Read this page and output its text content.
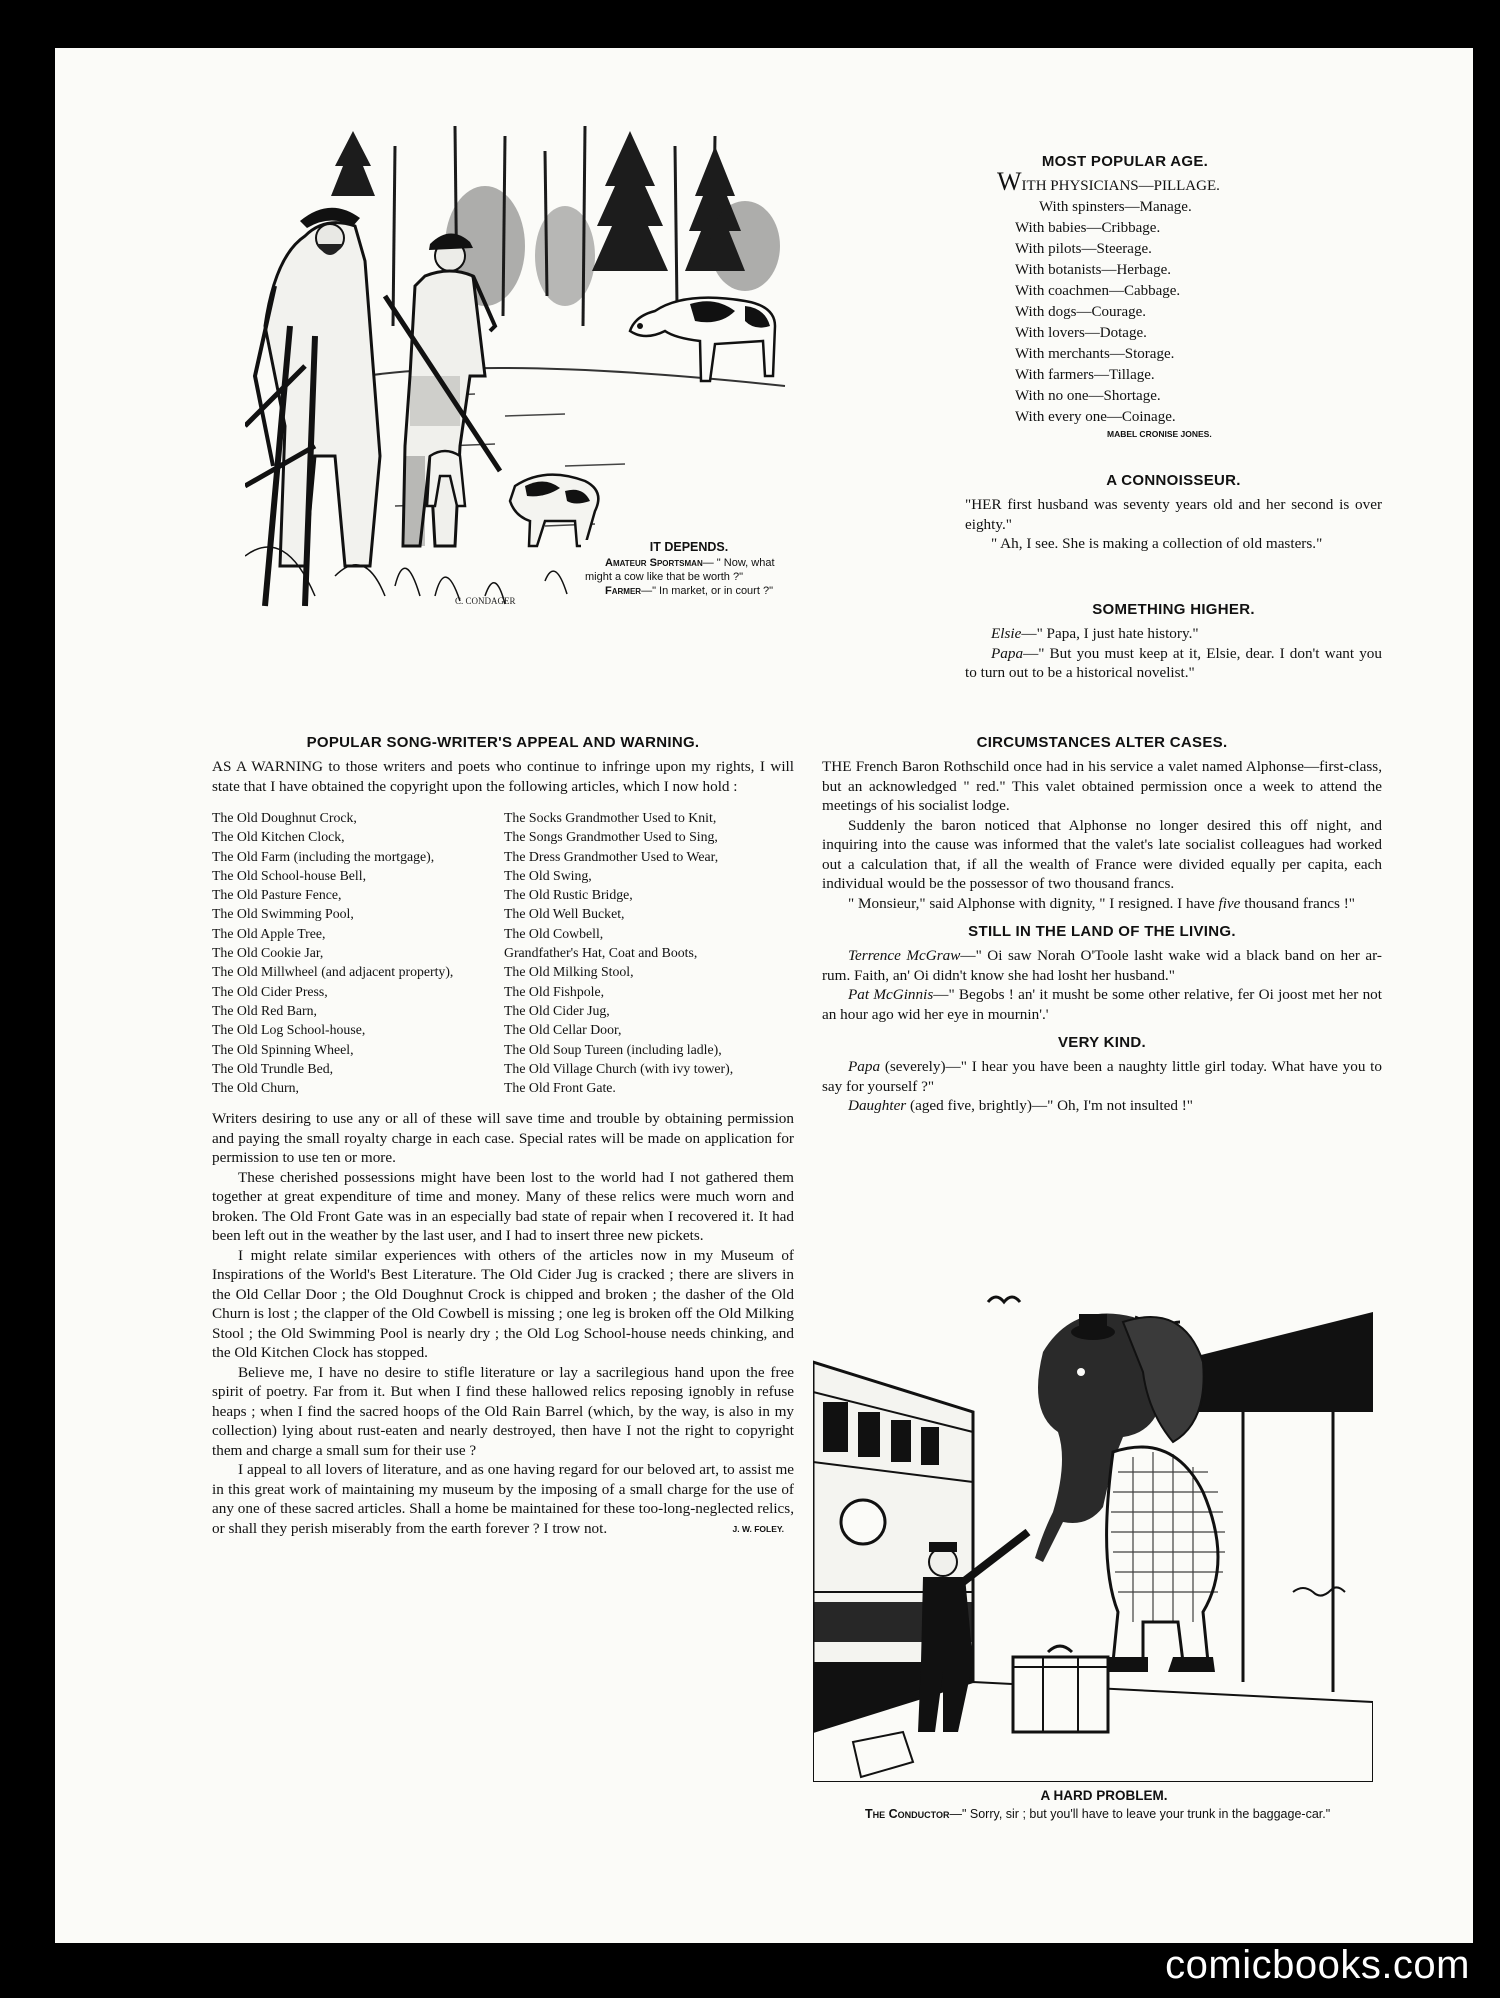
C. CONDAGER
IT DEPENDS.
Amateur Sportsman— " Now, what might a cow like that be worth ?"
Farmer—" In market, or in court ?"
MOST POPULAR AGE.
WITH PHYSICIANS—PILLAGE.
With spinsters—Manage.
With babies—Cribbage.
With pilots—Steerage.
With botanists—Herbage.
With coachmen—Cabbage.
With dogs—Courage.
With lovers—Dotage.
With merchants—Storage.
With farmers—Tillage.
With no one—Shortage.
With every one—Coinage.
MABEL CRONISE JONES.
A CONNOISSEUR.

"HER first husband was seventy years old and her second is over eighty."

" Ah, I see. She is making a collection of old masters."

SOMETHING HIGHER.

Elsie—" Papa, I just hate history."

Papa—" But you must keep at it, Elsie, dear. I don't want you to turn out to be a historical novelist."

POPULAR SONG-WRITER'S APPEAL AND WARNING.

AS A WARNING to those writers and poets who continue to infringe upon my rights, I will state that I have obtained the copyright upon the following articles, which I now hold :

The Old Doughnut Crock,
The Old Kitchen Clock,
The Old Farm (including the mortgage),
The Old School-house Bell,
The Old Pasture Fence,
The Old Swimming Pool,
The Old Apple Tree,
The Old Cookie Jar,
The Old Millwheel (and adjacent property),
The Old Cider Press,
The Old Red Barn,
The Old Log School-house,
The Old Spinning Wheel,
The Old Trundle Bed,
The Old Churn,
The Socks Grandmother Used to Knit,
The Songs Grandmother Used to Sing,
The Dress Grandmother Used to Wear,
The Old Swing,
The Old Rustic Bridge,
The Old Well Bucket,
The Old Cowbell,
Grandfather's Hat, Coat and Boots,
The Old Milking Stool,
The Old Fishpole,
The Old Cider Jug,
The Old Cellar Door,
The Old Soup Tureen (including ladle),
The Old Village Church (with ivy tower),
The Old Front Gate.

Writers desiring to use any or all of these will save time and trouble by obtaining permission and paying the small royalty charge in each case. Special rates will be made on application for permission to use ten or more.

These cherished possessions might have been lost to the world had I not gathered them together at great expenditure of time and money. Many of these relics were much worn and broken. The Old Front Gate was in an especially bad state of repair when I recovered it. It had been left out in the weather by the last user, and I had to insert three new pickets.

I might relate similar experiences with others of the articles now in my Museum of Inspirations of the World's Best Literature. The Old Cider Jug is cracked ; there are slivers in the Old Cellar Door ; the Old Doughnut Crock is chipped and broken ; the dasher of the Old Churn is lost ; the clapper of the Old Cowbell is missing ; one leg is broken off the Old Milking Stool ; the Old Swimming Pool is nearly dry ; the Old Log School-house needs chinking, and the Old Kitchen Clock has stopped.

Believe me, I have no desire to stifle literature or lay a sacrilegious hand upon the free spirit of poetry. Far from it. But when I find these hallowed relics reposing ignobly in refuse heaps ; when I find the sacred hoops of the Old Rain Barrel (which, by the way, is also in my collection) lying about rust-eaten and nearly destroyed, then have I not the right to copyright them and charge a small sum for their use ?

I appeal to all lovers of literature, and as one having regard for our beloved art, to assist me in this great work of maintaining my museum by the imposing of a small charge for the use of any one of these sacred articles. Shall a home be maintained for these too-long-neglected relics, or shall they perish miserably from the earth forever ? I trow not.	J. W. FOLEY.
CIRCUMSTANCES ALTER CASES.

THE French Baron Rothschild once had in his service a valet named Alphonse—first-class, but an acknowledged " red." This valet obtained permission once a week to attend the meetings of his socialist lodge.

Suddenly the baron noticed that Alphonse no longer desired this off night, and inquiring into the cause was informed that the valet's late socialist colleagues had worked out a calculation that, if all the wealth of France were divided equally per capita, each individual would be the possessor of two thousand francs.

" Monsieur," said Alphonse with dignity, " I resigned. I have five thousand francs !"

STILL IN THE LAND OF THE LIVING.

Terrence McGraw—" Oi saw Norah O'Toole lasht wake wid a black band on her ar-rum. Faith, an' Oi didn't know she had losht her husband."

Pat McGinnis—" Begobs ! an' it musht be some other relative, fer Oi joost met her not an hour ago wid her eye in mournin'.'

VERY KIND.

Papa (severely)—" I hear you have been a naughty little girl today. What have you to say for yourself ?"

Daughter (aged five, brightly)—" Oh, I'm not insulted !"

A HARD PROBLEM.
The Conductor—" Sorry, sir ; but you'll have to leave your trunk in the baggage-car."
comicbooks.com
